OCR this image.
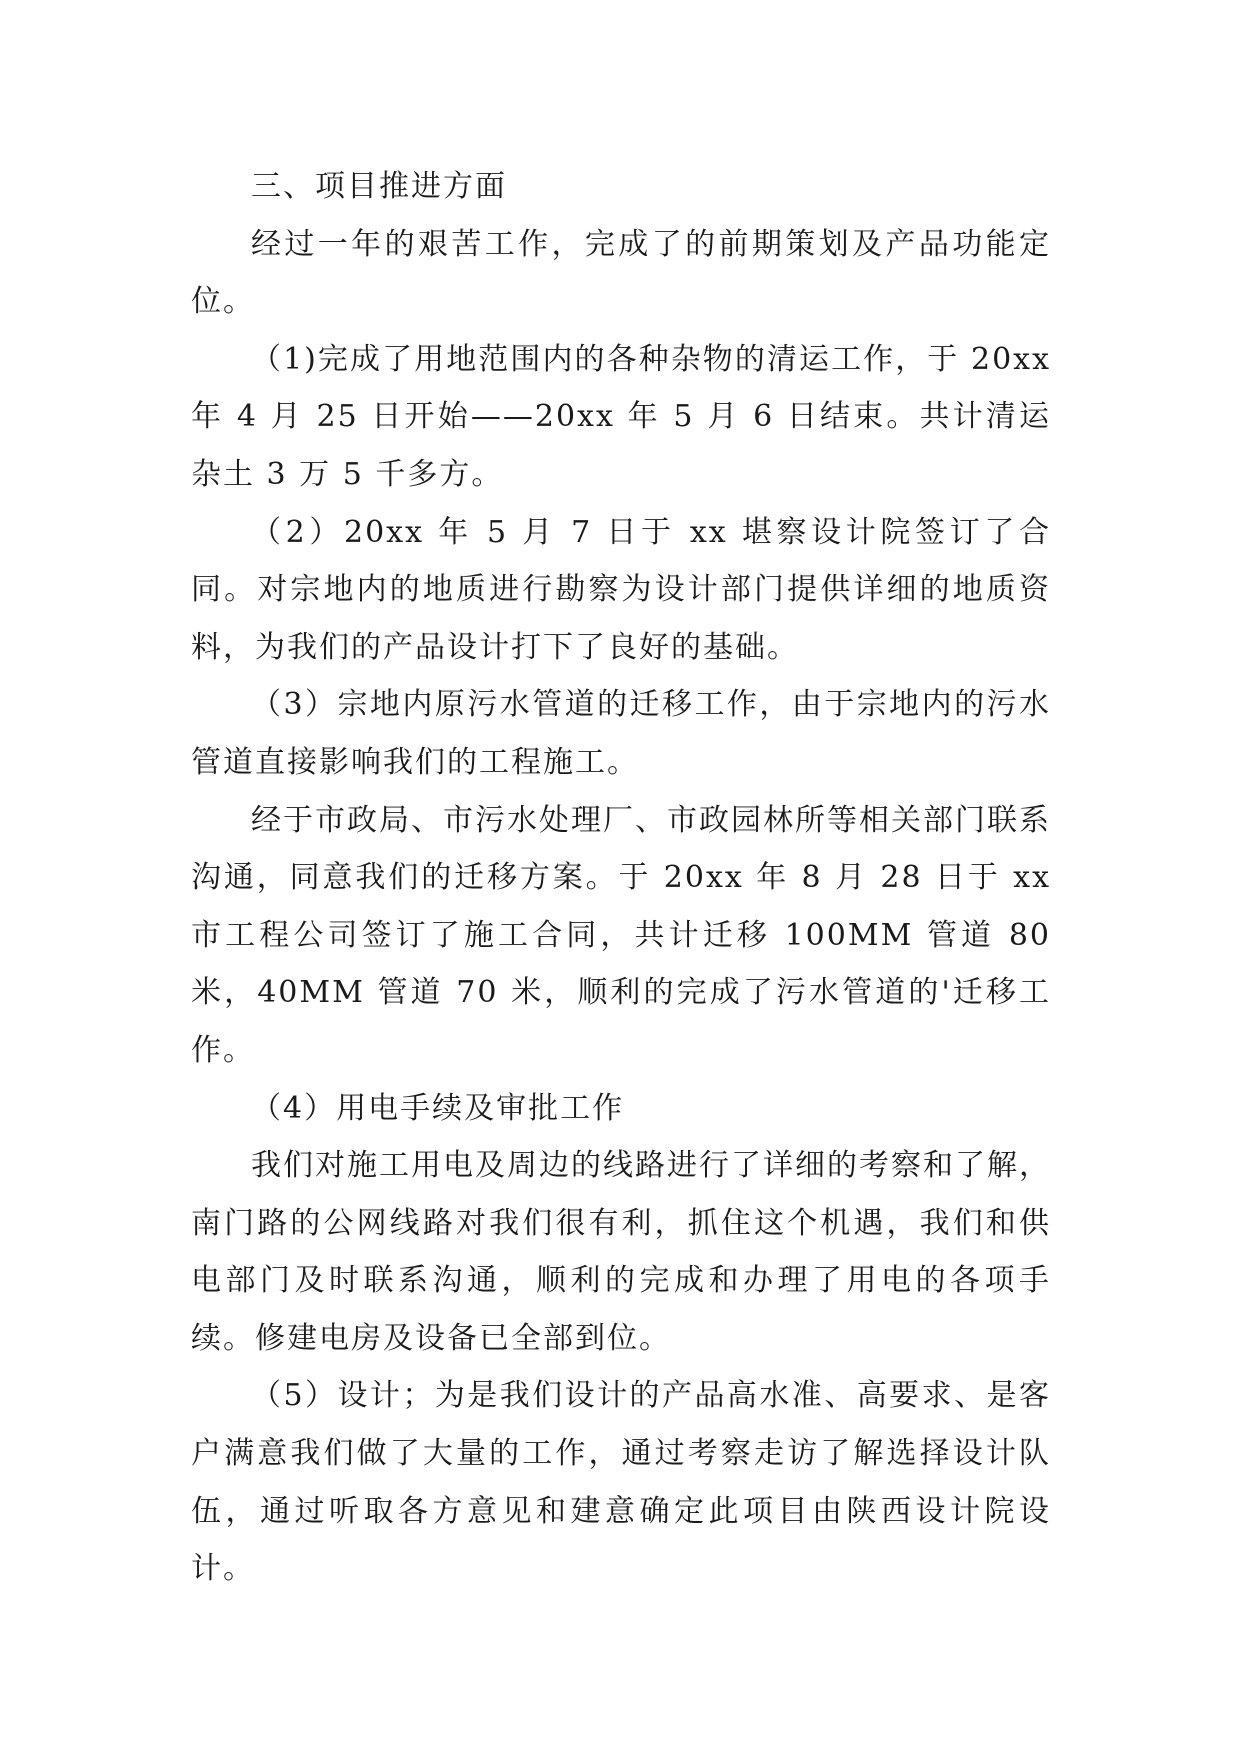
三、项目推进方面

经过一年的艰苦工作，完成了的前期策划及产品功能定位。

（1)完成了用地范围内的各种杂物的清运工作，于 20xx 年 4 月 25 日开始——20xx 年 5 月 6 日结束。共计清运杂土 3 万 5 千多方。

（2）20xx 年 5 月 7 日于 xx 堪察设计院签订了合同。对宗地内的地质进行勘察为设计部门提供详细的地质资料，为我们的产品设计打下了良好的基础。

（3）宗地内原污水管道的迁移工作，由于宗地内的污水管道直接影响我们的工程施工。

经于市政局、市污水处理厂、市政园林所等相关部门联系沟通，同意我们的迁移方案。于 20xx 年 8 月 28 日于 xx 市工程公司签订了施工合同，共计迁移 100MM 管道 80 米，40MM 管道 70 米，顺利的完成了污水管道的'迁移工作。

（4）用电手续及审批工作

我们对施工用电及周边的线路进行了详细的考察和了解，南门路的公网线路对我们很有利，抓住这个机遇，我们和供电部门及时联系沟通，顺利的完成和办理了用电的各项手续。修建电房及设备已全部到位。

（5）设计；为是我们设计的产品高水准、高要求、是客户满意我们做了大量的工作，通过考察走访了解选择设计队伍，通过听取各方意见和建意确定此项目由陕西设计院设计。
